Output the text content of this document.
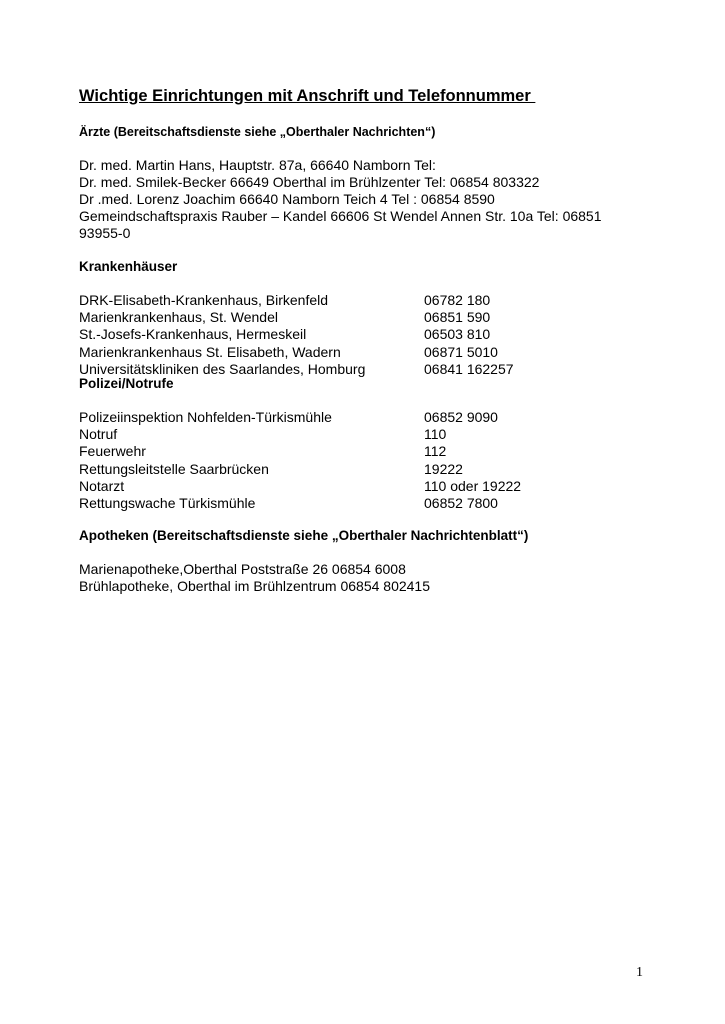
Wichtige Einrichtungen mit Anschrift und Telefonnummer
Ärzte (Bereitschaftsdienste siehe „Oberthaler Nachrichten“)
Dr. med. Martin Hans, Hauptstr. 87a, 66640 Namborn Tel:
Dr. med. Smilek-Becker 66649 Oberthal im Brühlzenter Tel: 06854 803322
Dr .med. Lorenz Joachim 66640 Namborn Teich 4 Tel : 06854 8590
Gemeindschaftspraxis Rauber – Kandel 66606 St Wendel Annen Str. 10a Tel: 06851
93955-0
Krankenhäuser
DRK-Elisabeth-Krankenhaus, Birkenfeld	06782 180
Marienkrankenhaus, St. Wendel	06851 590
St.-Josefs-Krankenhaus, Hermeskeil	06503 810
Marienkrankenhaus St. Elisabeth, Wadern	06871 5010
Universitätskliniken des Saarlandes, Homburg	06841 162257
Polizei/Notrufe
Polizeiinspektion Nohfelden-Türkismühle	06852 9090
Notruf	110
Feuerwehr	112
Rettungsleitstelle Saarbrücken	19222
Notarzt	110 oder 19222
Rettungswache Türkismühle	06852 7800
Apotheken (Bereitschaftsdienste siehe „Oberthaler Nachrichtenblatt“)
Marienapotheke,Oberthal Poststraße 26 06854 6008
Brühlapotheke, Oberthal im Brühlzentrum 06854 802415
1
